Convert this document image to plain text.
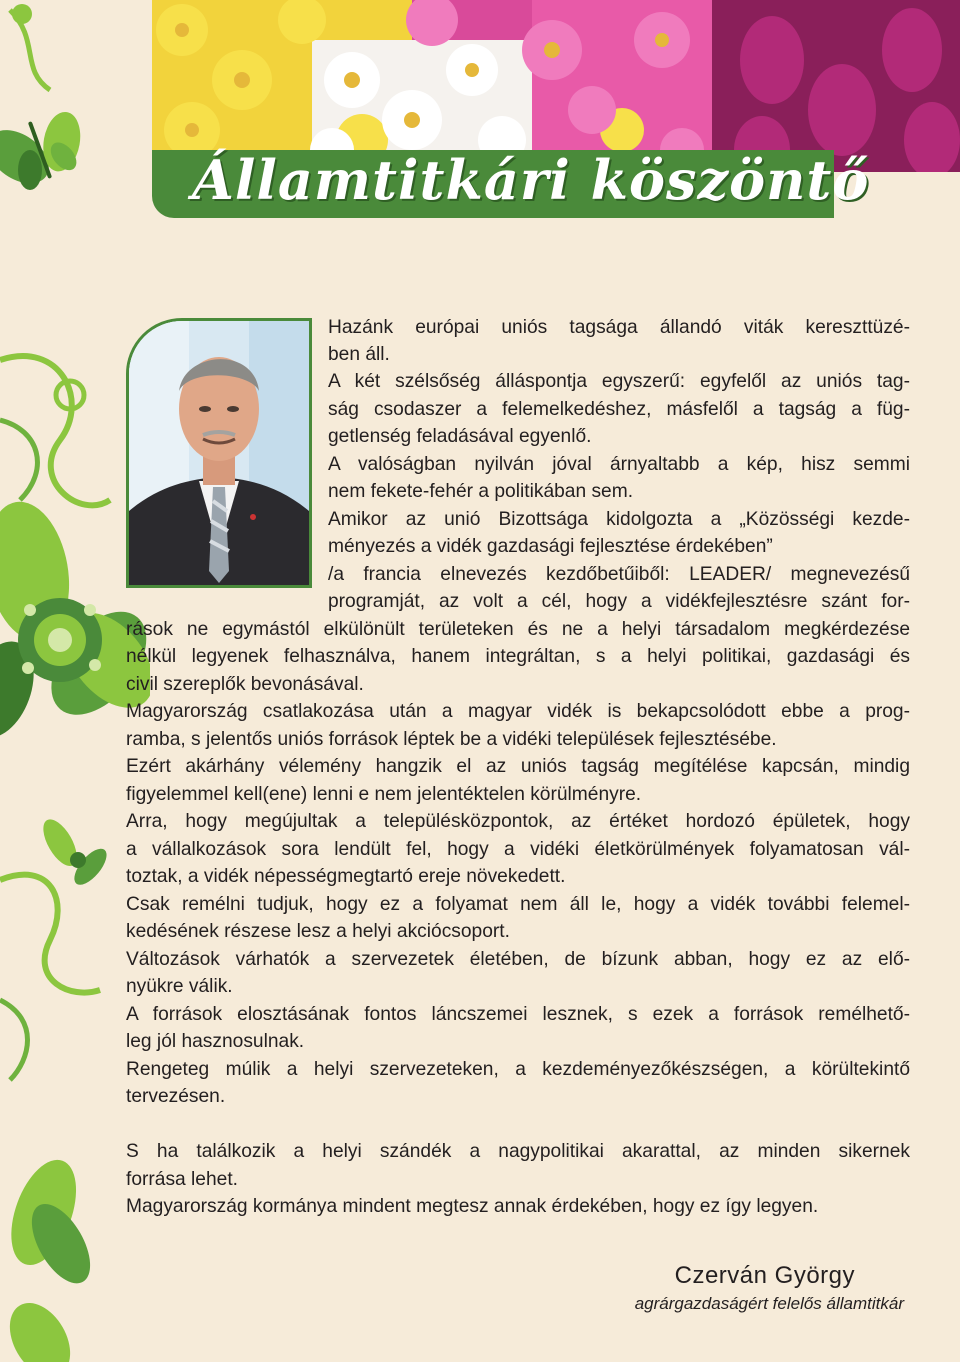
Államtitkári köszöntő

Hazánk európai uniós tagsága állandó viták kereszttüzé-

ben áll.

A két szélsőség álláspontja egyszerű: egyfelől az uniós tag-

ság csodaszer a felemelkedéshez, másfelől a tagság a füg-

getlenség feladásával egyenlő.

A valóságban nyilván jóval árnyaltabb a kép, hisz semmi

nem fekete-fehér a politikában sem.

Amikor az unió Bizottsága kidolgozta a „Közösségi kezde-

ményezés a vidék gazdasági fejlesztése érdekében”

/a francia elnevezés kezdőbetűiből: LEADER/ megnevezésű

programját, az volt a cél, hogy a vidékfejlesztésre szánt for-

rások ne egymástól elkülönült területeken és ne a helyi társadalom megkérdezése

nélkül legyenek felhasználva, hanem integráltan, s a helyi politikai, gazdasági és

civil szereplők bevonásával.

Magyarország csatlakozása után a magyar vidék is bekapcsolódott ebbe a prog-

ramba, s jelentős uniós források léptek be a vidéki települések fejlesztésébe.

Ezért akárhány vélemény hangzik el az uniós tagság megítélése kapcsán, mindig

figyelemmel kell(ene) lenni e nem jelentéktelen körülményre.

Arra, hogy megújultak a településközpontok, az értéket hordozó épületek, hogy

a vállalkozások sora lendült fel, hogy a vidéki életkörülmények folyamatosan vál-

toztak, a vidék népességmegtartó ereje növekedett.

Csak remélni tudjuk, hogy ez a folyamat nem áll le, hogy a vidék további felemel-

kedésének részese lesz a helyi akciócsoport.

Változások várhatók a szervezetek életében, de bízunk abban, hogy ez az elő-

nyükre válik.

A források elosztásának fontos láncszemei lesznek, s ezek a források remélhető-

leg jól hasznosulnak.

Rengeteg múlik a helyi szervezeteken, a kezdeményezőkészségen, a körültekintő

tervezésen.

S ha találkozik a helyi szándék a nagypolitikai akarattal, az minden sikernek

forrása lehet.

Magyarország kormánya mindent megtesz annak érdekében, hogy ez így legyen.

Czerván György
agrárgazdaságért felelős államtitkár
